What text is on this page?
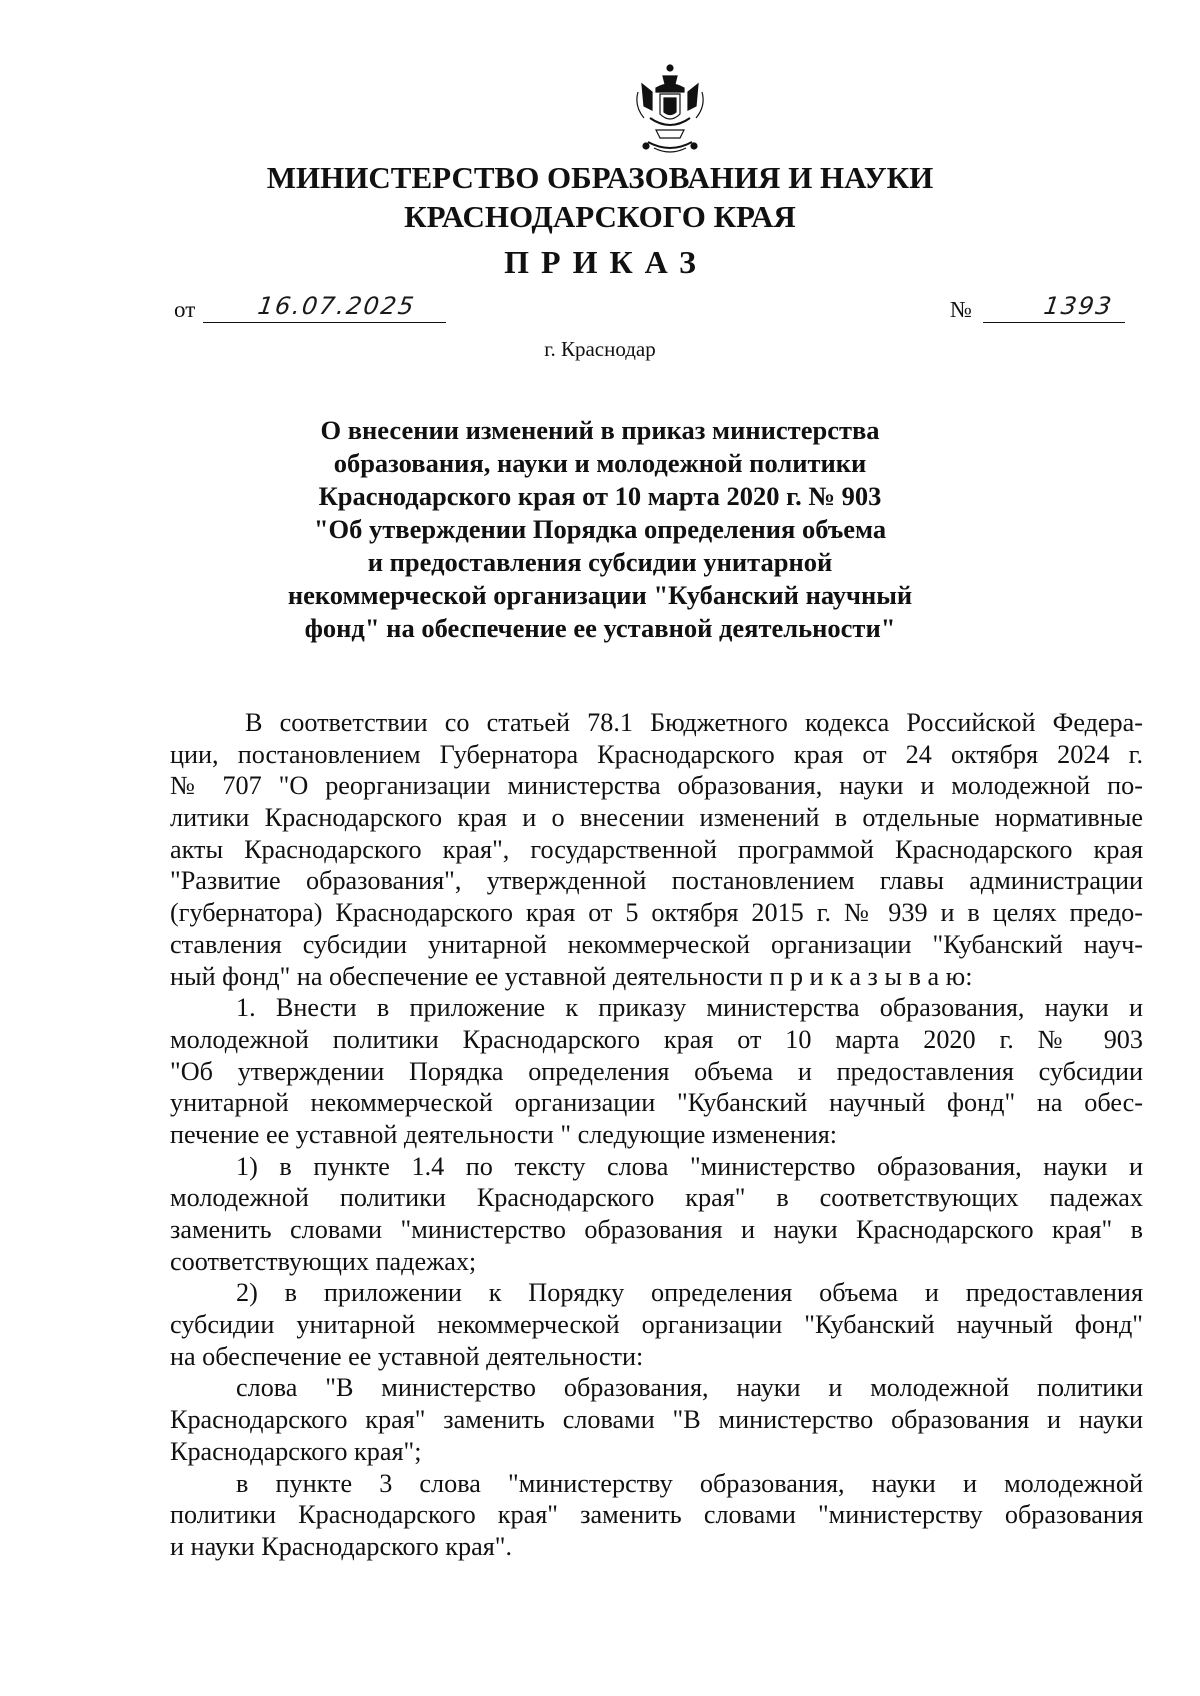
МИНИСТЕРСТВО ОБРАЗОВАНИЯ И НАУКИ
КРАСНОДАРСКОГО КРАЯ
ПРИКАЗ
от	16.07.2025	№	1393
г. Краснодар
О внесении изменений в приказ министерства
образования, науки и молодежной политики
Краснодарского края от 10 марта 2020 г. № 903
"Об утверждении Порядка определения объема
и предоставления субсидии унитарной
некоммерческой организации "Кубанский научный
фонд" на обеспечение ее уставной деятельности"
В соответствии со статьей 78.1 Бюджетного кодекса Российской Федера-
ции, постановлением Губернатора Краснодарского края от 24 октября 2024 г.
№ 707 "О реорганизации министерства образования, науки и молодежной по-
литики Краснодарского края и о внесении изменений в отдельные нормативные
акты Краснодарского края", государственной программой Краснодарского края
"Развитие образования", утвержденной постановлением главы администрации
(губернатора) Краснодарского края от 5 октября 2015 г. № 939 и в целях предо-
ставления субсидии унитарной некоммерческой организации "Кубанский науч-
ный фонд" на обеспечение ее уставной деятельности п р и к а з ы в а ю:
1. Внести в приложение к приказу министерства образования, науки и
молодежной политики Краснодарского края от 10 марта 2020 г. № 903
"Об утверждении Порядка определения объема и предоставления субсидии
унитарной некоммерческой организации "Кубанский научный фонд" на обес-
печение ее уставной деятельности " следующие изменения:
1) в пункте 1.4 по тексту слова "министерство образования, науки и
молодежной политики Краснодарского края" в соответствующих падежах
заменить словами "министерство образования и науки Краснодарского края" в
соответствующих падежах;
2) в приложении к Порядку определения объема и предоставления
субсидии унитарной некоммерческой организации "Кубанский научный фонд"
на обеспечение ее уставной деятельности:
слова "В министерство образования, науки и молодежной политики
Краснодарского края" заменить словами "В министерство образования и науки
Краснодарского края";
в пункте 3 слова "министерству образования, науки и молодежной
политики Краснодарского края" заменить словами "министерству образования
и науки Краснодарского края".
